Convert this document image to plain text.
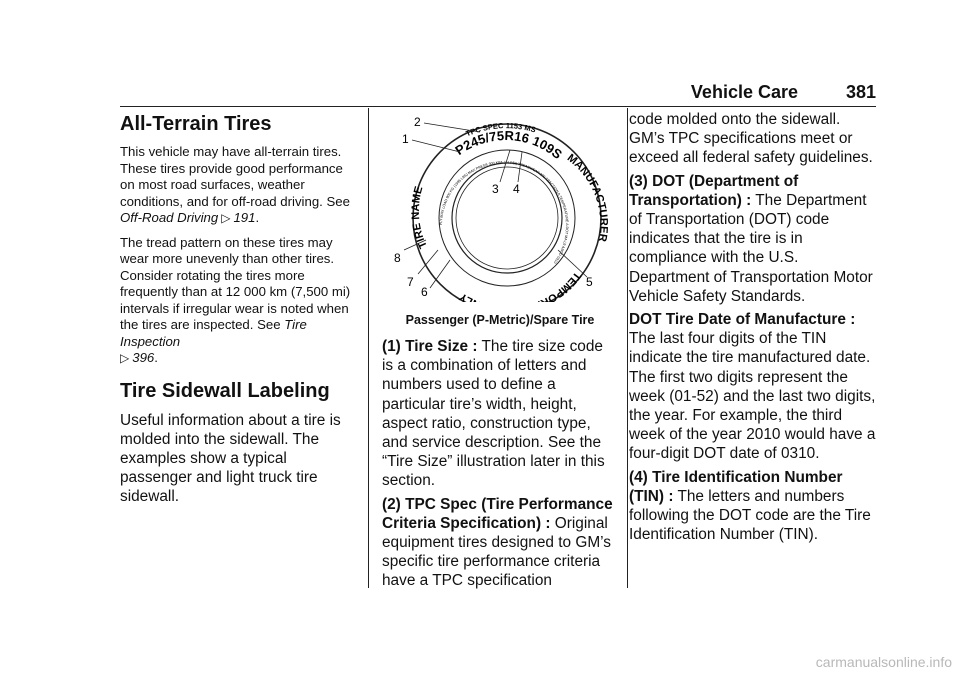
Vehicle Care	381
All-Terrain Tires

This vehicle may have all-terrain tires. These tires provide good performance on most road surfaces, weather conditions, and for off-road driving. See Off-Road Driving ▷ 191.

The tread pattern on these tires may wear more unevenly than other tires. Consider rotating the tires more frequently than at 12 000 km (7,500 mi) intervals if irregular wear is noted when the tires are inspected. See Tire Inspection
▷ 396.

Tire Sidewall Labeling

Useful information about a tire is molded into the sidewall. The examples show a typical passenger and light truck tire sidewall.

TPC SPEC 1153 MS
P245/75R16 109S
TIRE NAME
MANUFACTURER
TEMPOR LY
PLY MAX LOAD 900 KG (1985 LBS) MAX PRESS 300 KPA (44 PSI) TREADWEAR 200 TRACTION A TEMPERATURE A DOT MA L9 ABCD 0310
2
1
3 4
5
6
7
8
Passenger (P-Metric)/Spare Tire

(1) Tire Size : The tire size code is a combination of letters and numbers used to define a particular tire’s width, height, aspect ratio, construction type, and service description. See the “Tire Size” illustration later in this section.

(2) TPC Spec (Tire Performance Criteria Specification) : Original equipment tires designed to GM’s specific tire performance criteria have a TPC specification

code molded onto the sidewall. GM’s TPC specifications meet or exceed all federal safety guidelines.

(3) DOT (Department of Transportation) : The Department of Transportation (DOT) code indicates that the tire is in compliance with the U.S. Department of Transportation Motor Vehicle Safety Standards.

DOT Tire Date of Manufacture : The last four digits of the TIN indicate the tire manufactured date. The first two digits represent the week (01-52) and the last two digits, the year. For example, the third week of the year 2010 would have a four-digit DOT date of 0310.

(4) Tire Identification Number (TIN) : The letters and numbers following the DOT code are the Tire Identification Number (TIN).

carmanualsonline.info
